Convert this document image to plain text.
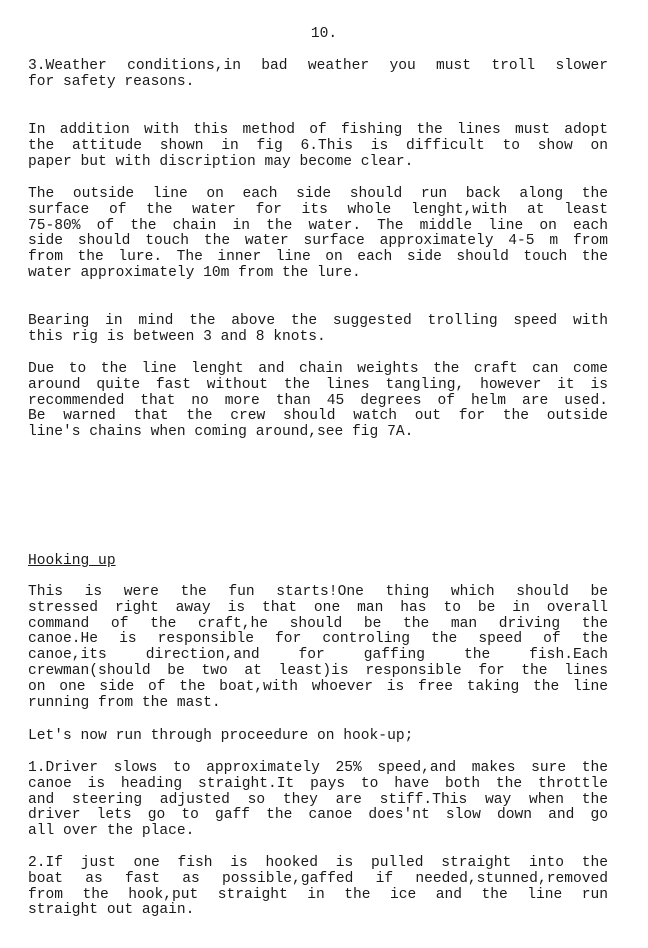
10.
3.Weather conditions,in bad weather you must troll slower
for safety reasons.
In addition with this method of fishing the lines must adopt
the attitude shown in fig 6.This is difficult to show on
paper but with discription may become clear.
The outside line on each side should run back along the
surface of the water for its whole lenght,with at least
75-80% of the chain in the water. The middle line on each
side should touch the water surface approximately 4-5 m from
from the lure. The inner line on each side should touch the
water approximately 10m from the lure.
Bearing in mind the above the suggested trolling speed with
this rig is between 3 and 8 knots.
Due to the line lenght and chain weights the craft can come
around quite fast without the lines tangling, however it is
recommended that no more than 45 degrees of helm are used.
Be warned that the crew should watch out for the outside
line's chains when coming around,see fig 7A.
Hooking up
This is were the fun starts!One thing which should be
stressed right away is that one man has to be in overall
command of the craft,he should be the man driving the
canoe.He is responsible for controling the speed of the
canoe,its direction,and for gaffing the fish.Each
crewman(should be two at least)is responsible for the lines
on one side of the boat,with whoever is free taking the line
running from the mast.
Let's now run through proceedure on hook-up;
1.Driver slows to approximately 25% speed,and makes sure the
canoe is heading straight.It pays to have both the throttle
and steering adjusted so they are stiff.This way when the
driver lets go to gaff the canoe does'nt slow down and go
all over the place.
2.If just one fish is hooked is pulled straight into the
boat as fast as possible,gaffed if needed,stunned,removed
from the hook,put straight in the ice and the line run
straight out again.
